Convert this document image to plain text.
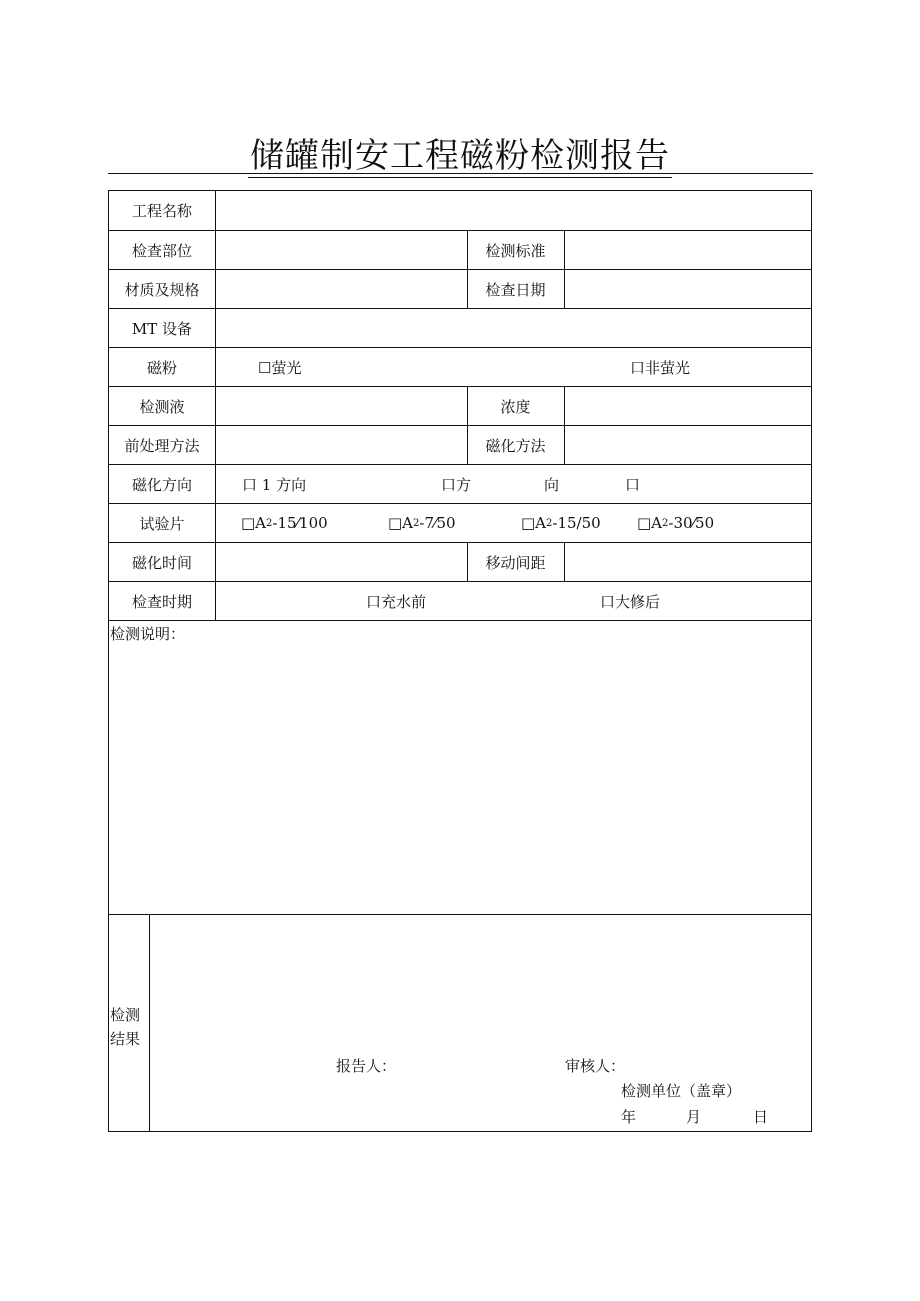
储罐制安工程磁粉检测报告
工程名称
检查部位	检测标准
材质及规格	检查日期
MT 设备
磁粉	☐萤光	口非萤光
检测液	浓度
前处理方法	磁化方法
磁化方向	口 1 方向	口方	向	口
试验片	□A 2 -15⁄100	□A 2 -7⁄50	□A 2 -15/50 □A 2 -30⁄50
磁化时间	移动间距
检查时期	口充水前	口大修后
检测说明：
检测
结果
报告人：	审核人：
检测单位（盖章）
年	月	日
